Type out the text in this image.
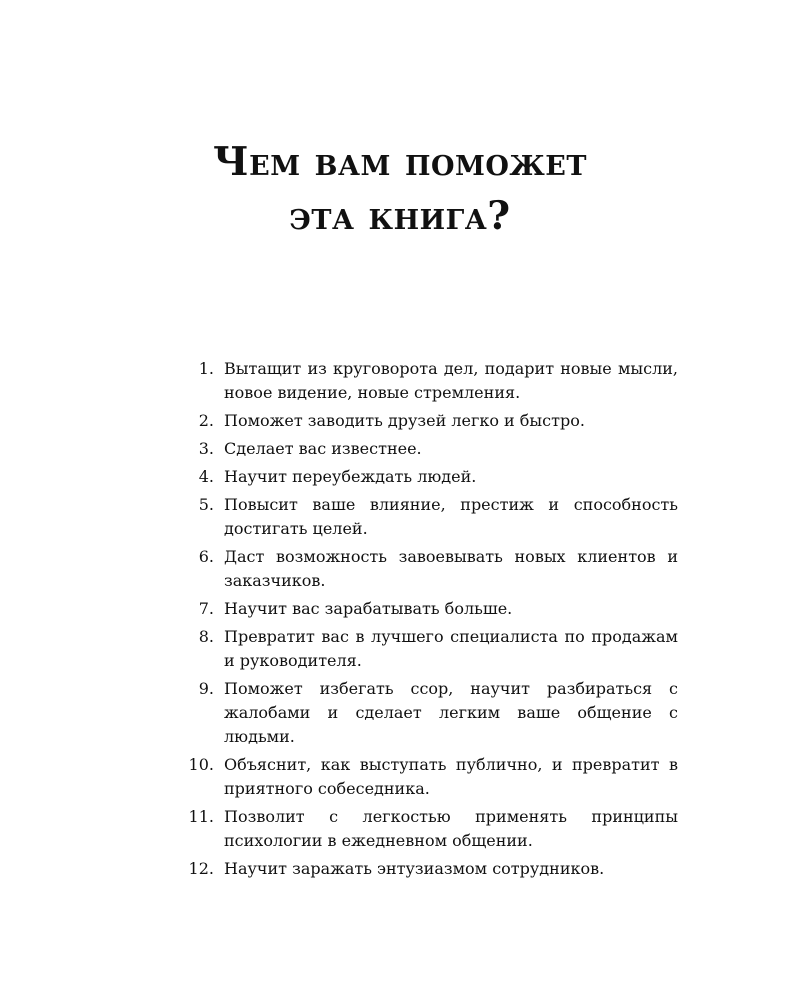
Чем вам поможет
эта книга?
1. Вытащит из круговорота дел, подарит новые мысли, новое видение, новые стремления.
2. Поможет заводить друзей легко и быстро.
3. Сделает вас известнее.
4. Научит переубеждать людей.
5. Повысит ваше влияние, престиж и способность достигать целей.
6. Даст возможность завоевывать новых клиентов и заказчиков.
7. Научит вас зарабатывать больше.
8. Превратит вас в лучшего специалиста по продажам и руководителя.
9. Поможет избегать ссор, научит разбираться с жалобами и сделает легким ваше общение с людьми.
10. Объяснит, как выступать публично, и превратит в приятного собеседника.
11. Позволит с легкостью применять принципы психологии в ежедневном общении.
12. Научит заражать энтузиазмом сотрудников.
